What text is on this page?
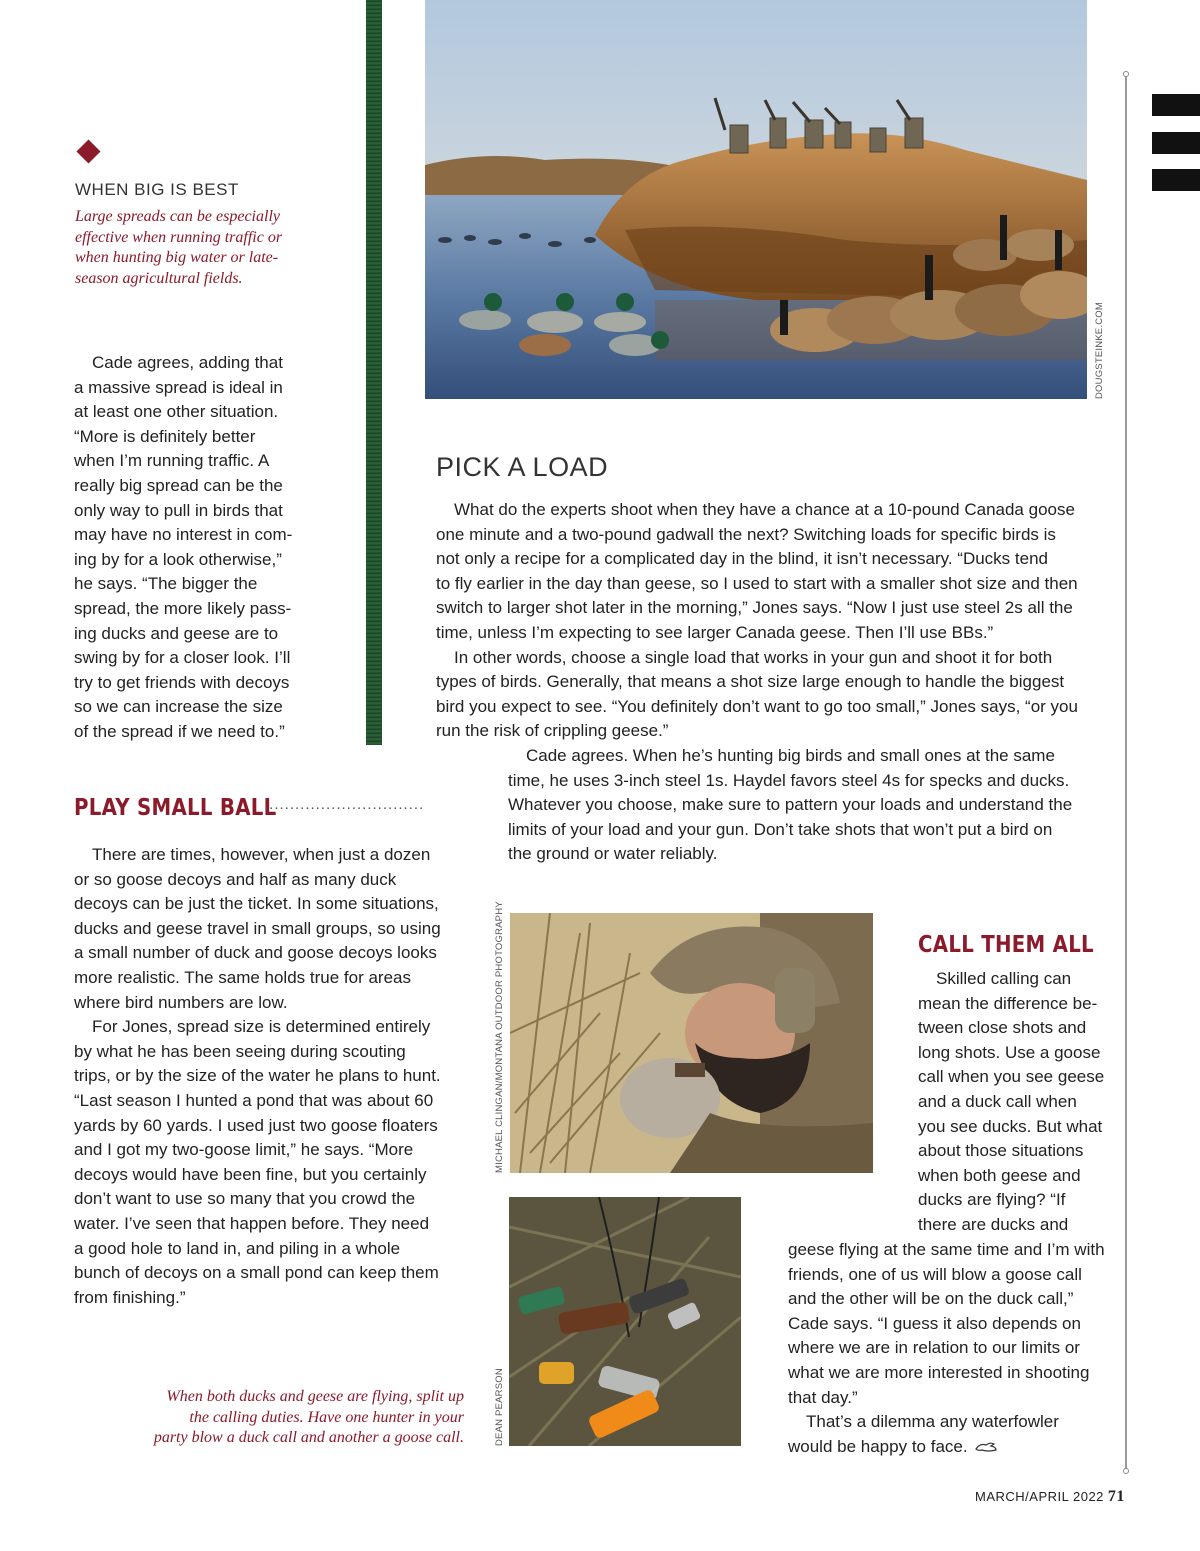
WHEN BIG IS BEST
Large spreads can be especially effective when running traffic or when hunting big water or late-season agricultural fields.
Cade agrees, adding that
a massive spread is ideal in
at least one other situation.
“More is definitely better
when I’m running traffic. A
really big spread can be the
only way to pull in birds that
may have no interest in com-
ing by for a look otherwise,”
he says. “The bigger the
spread, the more likely pass-
ing ducks and geese are to
swing by for a closer look. I’ll
try to get friends with decoys
so we can increase the size
of the spread if we need to.”
PLAY SMALL BALL
...............................
There are times, however, when just a dozen
or so goose decoys and half as many duck
decoys can be just the ticket. In some situations,
ducks and geese travel in small groups, so using
a small number of duck and goose decoys looks
more realistic. The same holds true for areas
where bird numbers are low.
For Jones, spread size is determined entirely
by what he has been seeing during scouting
trips, or by the size of the water he plans to hunt.
“Last season I hunted a pond that was about 60
yards by 60 yards. I used just two goose floaters
and I got my two-goose limit,” he says. “More
decoys would have been fine, but you certainly
don’t want to use so many that you crowd the
water. I’ve seen that happen before. They need
a good hole to land in, and piling in a whole
bunch of decoys on a small pond can keep them
from finishing.”
When both ducks and geese are flying, split up
the calling duties. Have one hunter in your
party blow a duck call and another a goose call.
DOUGSTEINKE.COM
PICK A LOAD
What do the experts shoot when they have a chance at a 10-pound Canada goose
one minute and a two-pound gadwall the next? Switching loads for specific birds is
not only a recipe for a complicated day in the blind, it isn’t necessary. “Ducks tend
to fly earlier in the day than geese, so I used to start with a smaller shot size and then
switch to larger shot later in the morning,” Jones says. “Now I just use steel 2s all the
time, unless I’m expecting to see larger Canada geese. Then I’ll use BBs.”
In other words, choose a single load that works in your gun and shoot it for both
types of birds. Generally, that means a shot size large enough to handle the biggest
bird you expect to see. “You definitely don’t want to go too small,” Jones says, “or you
run the risk of crippling geese.”
Cade agrees. When he’s hunting big birds and small ones at the same
time, he uses 3-inch steel 1s. Haydel favors steel 4s for specks and ducks.
Whatever you choose, make sure to pattern your loads and understand the
limits of your load and your gun. Don’t take shots that won’t put a bird on
the ground or water reliably.
MICHAEL CLINGAN/MONTANA OUTDOOR PHOTOGRAPHY
DEAN PEARSON
CALL THEM ALL
Skilled calling can
mean the difference be-
tween close shots and
long shots. Use a goose
call when you see geese
and a duck call when
you see ducks. But what
about those situations
when both geese and
ducks are flying? “If
there are ducks and
geese flying at the same time and I’m with
friends, one of us will blow a goose call
and the other will be on the duck call,”
Cade says. “I guess it also depends on
where we are in relation to our limits or
what we are more interested in shooting
that day.”
That’s a dilemma any waterfowler
would be happy to face.
MARCH/APRIL 2022 71
